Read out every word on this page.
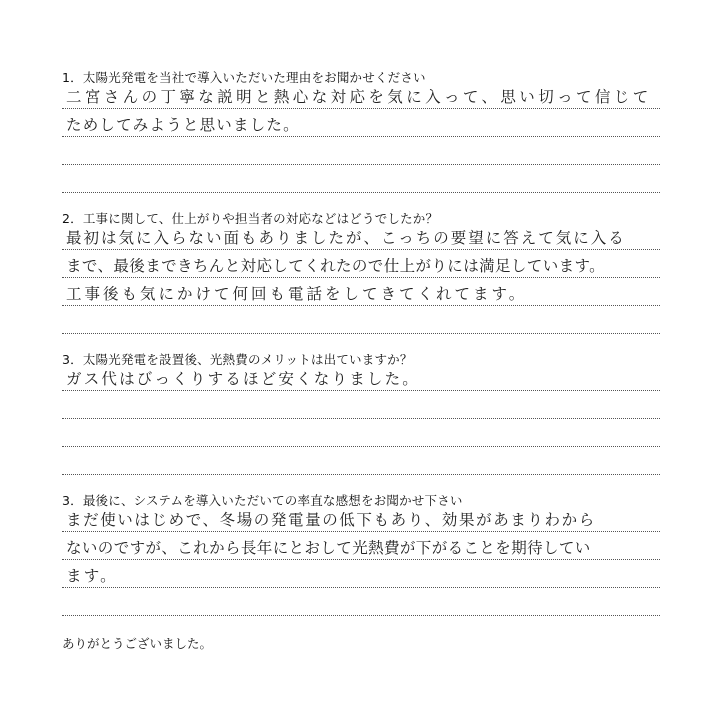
1．太陽光発電を当社で導入いただいた理由をお聞かせください
二宮さんの丁寧な説明と熱心な対応を気に入って、思い切って信じて
ためしてみようと思いました。
2．工事に関して、仕上がりや担当者の対応などはどうでしたか？
最初は気に入らない面もありましたが、こっちの要望に答えて気に入る
まで、最後まできちんと対応してくれたので仕上がりには満足しています。
工事後も気にかけて何回も電話をしてきてくれてます。
3．太陽光発電を設置後、光熱費のメリットは出ていますか？
ガス代はびっくりするほど安くなりました。
3．最後に、システムを導入いただいての率直な感想をお聞かせ下さい
まだ使いはじめで、冬場の発電量の低下もあり、効果があまりわから
ないのですが、これから長年にとおして光熱費が下がることを期待してい
ます。
ありがとうございました。
